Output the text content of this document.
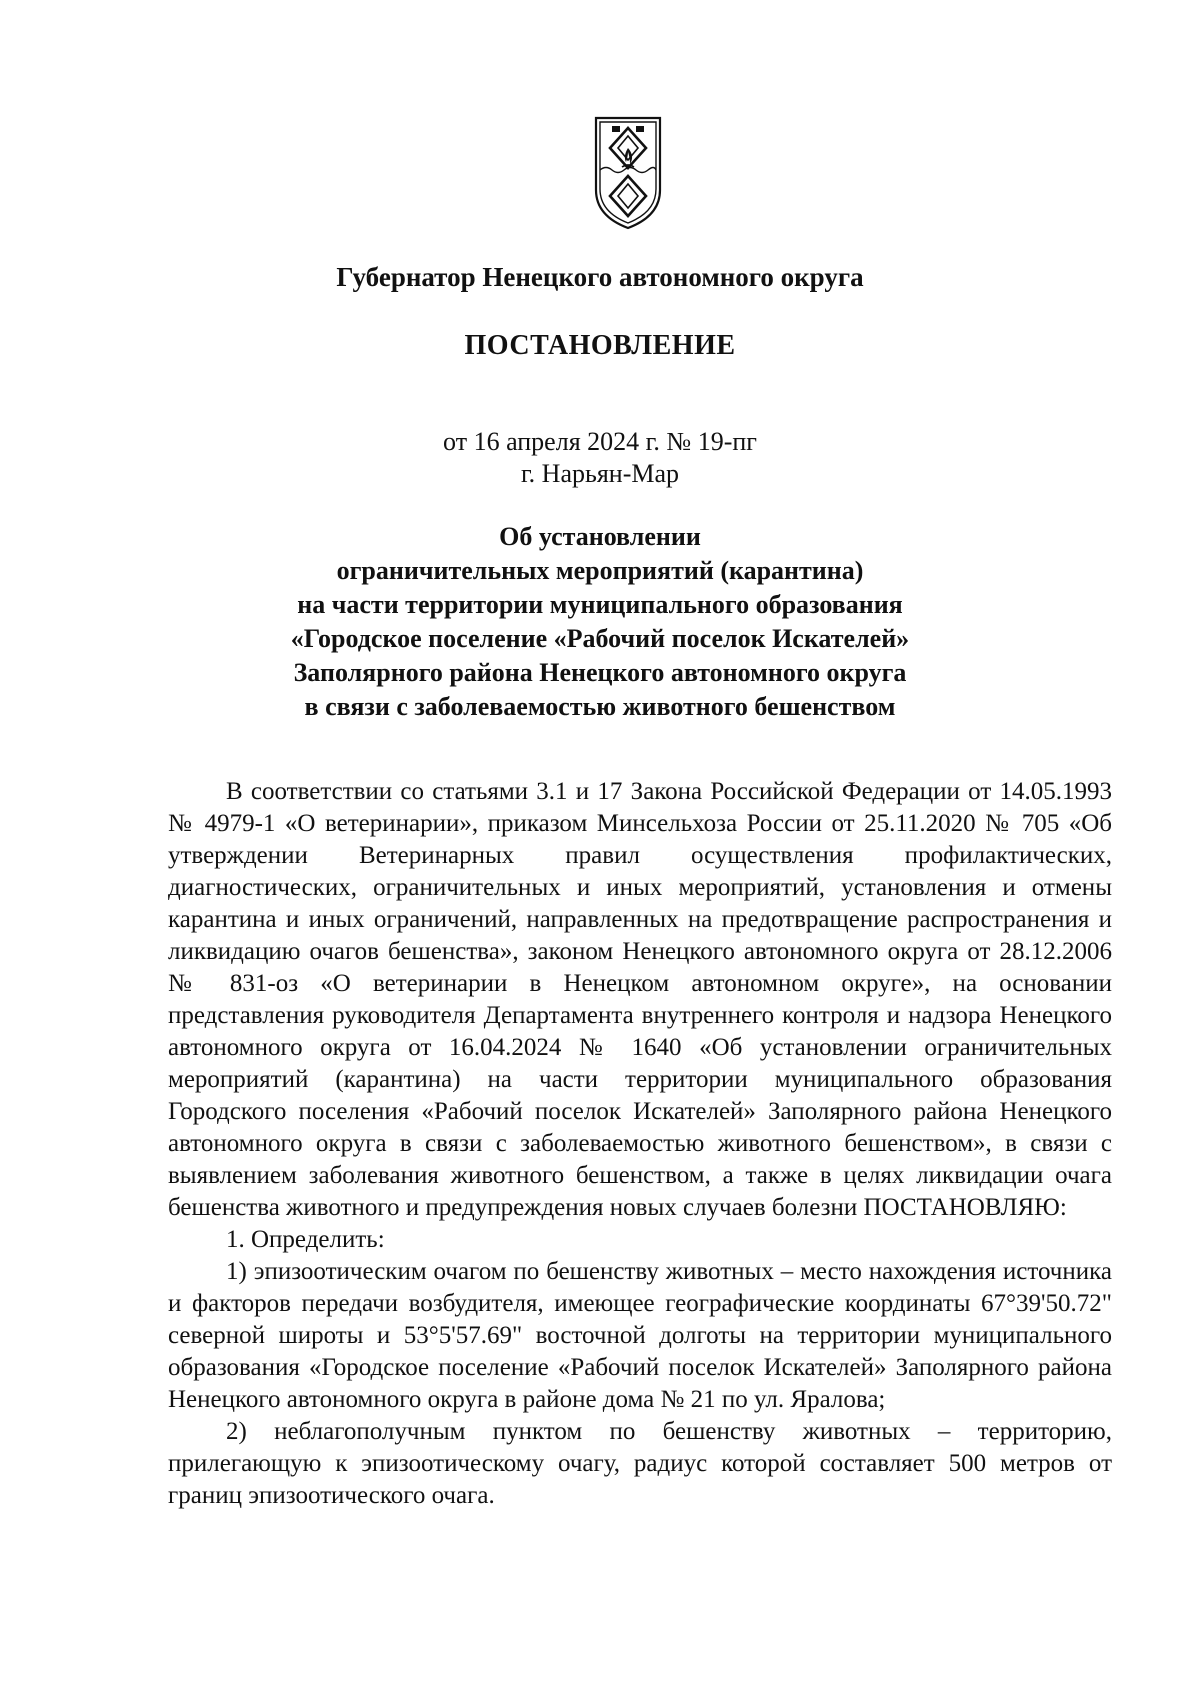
Губернатор Ненецкого автономного округа
ПОСТАНОВЛЕНИЕ
от 16 апреля 2024 г. № 19-пг
г. Нарьян-Мар
Об установлении
ограничительных мероприятий (карантина)
на части территории муниципального образования
«Городское поселение «Рабочий поселок Искателей»
Заполярного района Ненецкого автономного округа
в связи с заболеваемостью животного бешенством

В соответствии со статьями 3.1 и 17 Закона Российской Федерации от 14.05.1993 № 4979-1 «О ветеринарии», приказом Минсельхоза России от 25.11.2020 № 705 «Об утверждении Ветеринарных правил осуществления профилактических, диагностических, ограничительных и иных мероприятий, установления и отмены карантина и иных ограничений, направленных на предотвращение распространения и ликвидацию очагов бешенства», законом Ненецкого автономного округа от 28.12.2006 № 831-оз «О ветеринарии в Ненецком автономном округе», на основании представления руководителя Департамента внутреннего контроля и надзора Ненецкого автономного округа от 16.04.2024 № 1640 «Об установлении ограничительных мероприятий (карантина) на части территории муниципального образования Городского поселения «Рабочий поселок Искателей» Заполярного района Ненецкого автономного округа в связи с заболеваемостью животного бешенством», в связи с выявлением заболевания животного бешенством, а также в целях ликвидации очага бешенства животного и предупреждения новых случаев болезни ПОСТАНОВЛЯЮ:

1. Определить:

1) эпизоотическим очагом по бешенству животных – место нахождения источника и факторов передачи возбудителя, имеющее географические координаты 67°39'50.72" северной широты и 53°5'57.69" восточной долготы на территории муниципального образования «Городское поселение «Рабочий поселок Искателей» Заполярного района Ненецкого автономного округа в районе дома № 21 по ул. Яралова;

2) неблагополучным пунктом по бешенству животных – территорию, прилегающую к эпизоотическому очагу, радиус которой составляет 500 метров от границ эпизоотического очага.
